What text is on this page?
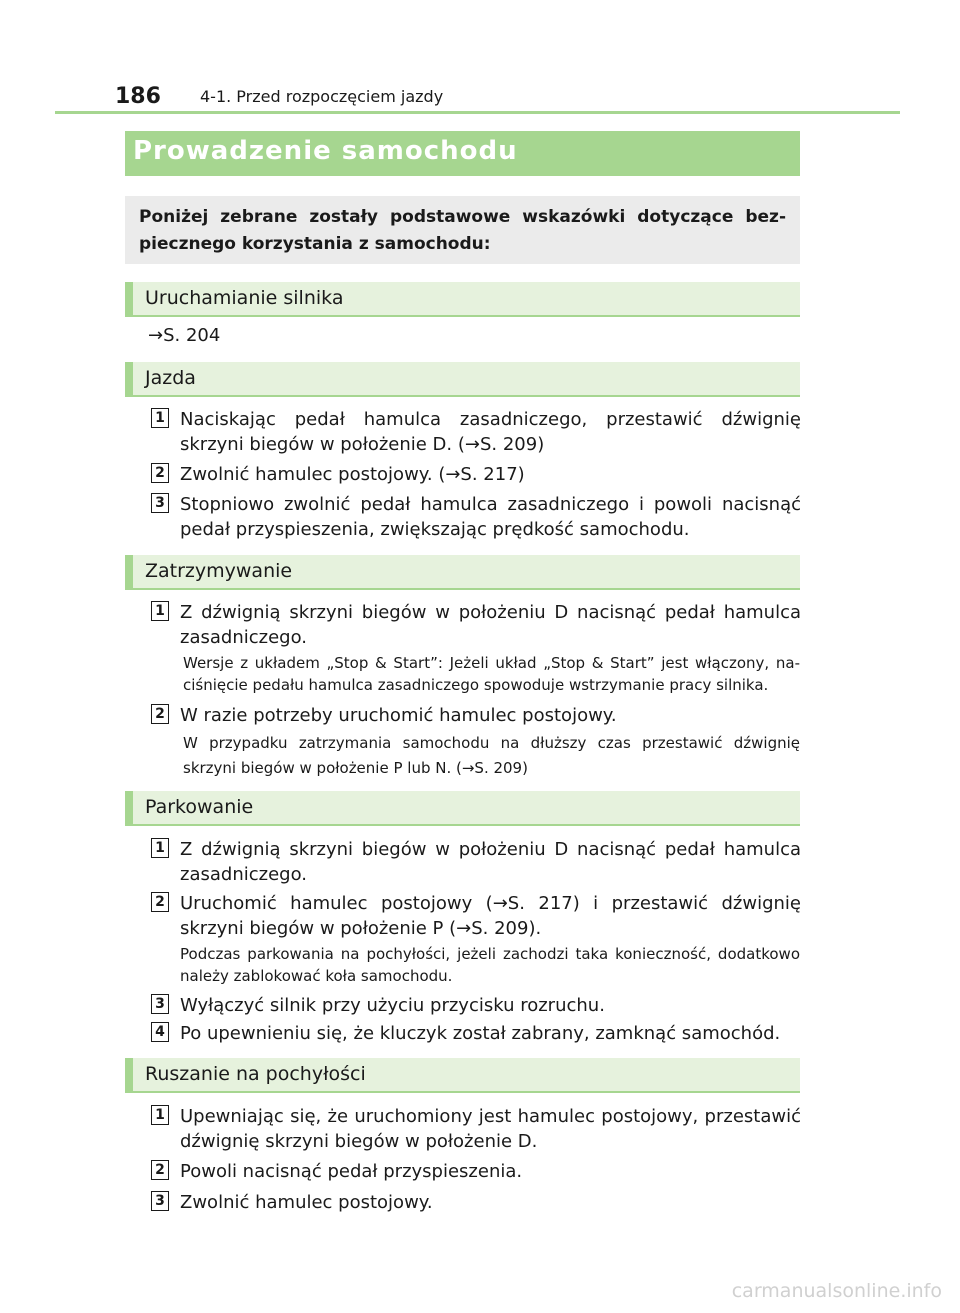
186 4-1. Przed rozpoczęciem jazdy
Prowadzenie samochodu
Poniżej zebrane zostały podstawowe wskazówki dotyczące bezpiecznego korzystania z samochodu:
Uruchamianie silnika
→S. 204
Jazda
1 Naciskając pedał hamulca zasadniczego, przestawić dźwignię skrzyni biegów w położenie D. (→S. 209)
2 Zwolnić hamulec postojowy. (→S. 217)
3 Stopniowo zwolnić pedał hamulca zasadniczego i powoli nacisnąć pedał przyspieszenia, zwiększając prędkość samochodu.
Zatrzymywanie
1 Z dźwignią skrzyni biegów w położeniu D nacisnąć pedał hamulca zasadniczego.
Wersje z układem „Stop & Start”: Jeżeli układ „Stop & Start” jest włączony, naciśnięcie pedału hamulca zasadniczego spowoduje wstrzymanie pracy silnika.
2 W razie potrzeby uruchomić hamulec postojowy.
W przypadku zatrzymania samochodu na dłuższy czas przestawić dźwignię skrzyni biegów w położenie P lub N. (→S. 209)
Parkowanie
1 Z dźwignią skrzyni biegów w położeniu D nacisnąć pedał hamulca zasadniczego.
2 Uruchomić hamulec postojowy (→S. 217) i przestawić dźwignię skrzyni biegów w położenie P (→S. 209).
Podczas parkowania na pochyłości, jeżeli zachodzi taka konieczność, dodatkowo należy zablokować koła samochodu.
3 Wyłączyć silnik przy użyciu przycisku rozruchu.
4 Po upewnieniu się, że kluczyk został zabrany, zamknąć samochód.
Ruszanie na pochyłości
1 Upewniając się, że uruchomiony jest hamulec postojowy, przestawić dźwignię skrzyni biegów w położenie D.
2 Powoli nacisnąć pedał przyspieszenia.
3 Zwolnić hamulec postojowy.
carmanualsonline.info
